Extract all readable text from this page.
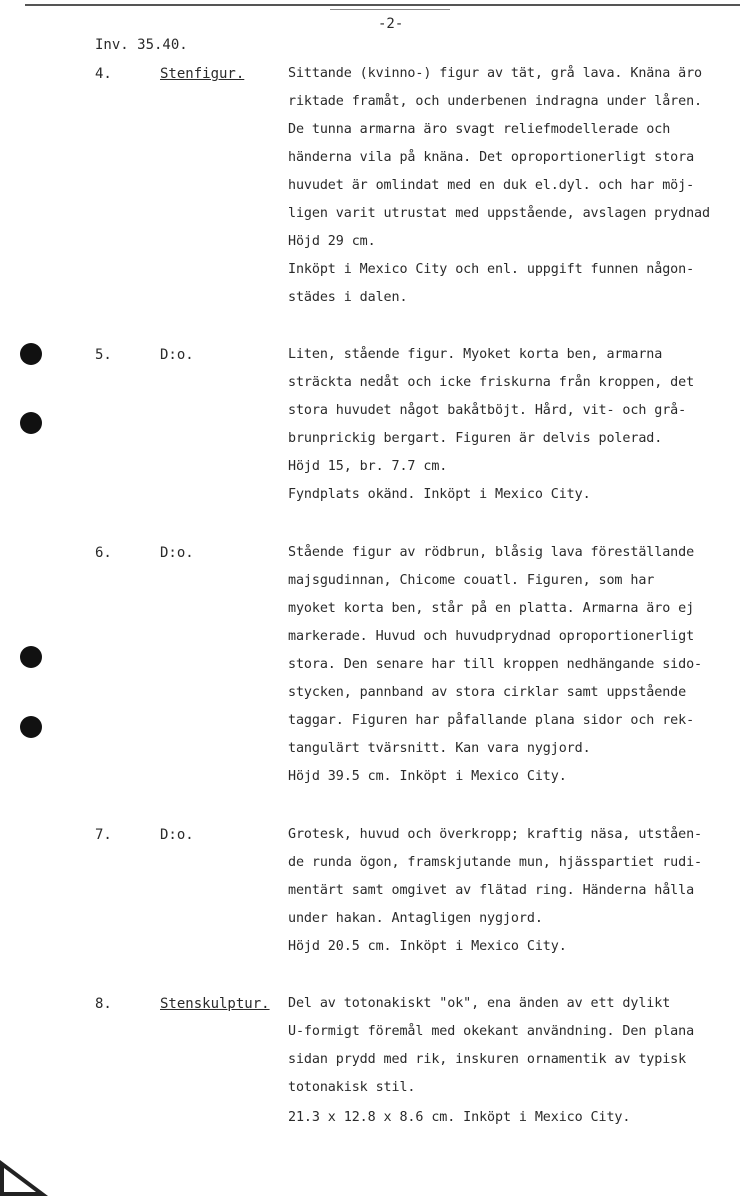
-2-
Inv. 35.40.
4.	Stenfigur.	Sittande (kvinno-) figur av tät, grå lava. Knäna äro
riktade framåt, och underbenen indragna under låren.
De tunna armarna äro svagt reliefmodellerade och
händerna vila på knäna. Det oproportionerligt stora
huvudet är omlindat med en duk el.dyl. och har möj-
ligen varit utrustat med uppstående, avslagen prydnad
Höjd 29 cm.
Inköpt i Mexico City och enl. uppgift funnen någon-
städes i dalen.
5.	D:o.	Liten, stående figur. Myoket korta ben, armarna
sträckta nedåt och icke friskurna från kroppen, det
stora huvudet något bakåtböjt. Hård, vit- och grå-
brunprickig bergart. Figuren är delvis polerad.
Höjd 15, br. 7.7 cm.
Fyndplats okänd. Inköpt i Mexico City.
6.	D:o.	Stående figur av rödbrun, blåsig lava föreställande
majsgudinnan, Chicome couatl. Figuren, som har
myoket korta ben, står på en platta. Armarna äro ej
markerade. Huvud och huvudprydnad oproportionerligt
stora. Den senare har till kroppen nedhängande sido-
stycken, pannband av stora cirklar samt uppstående
taggar. Figuren har påfallande plana sidor och rek-
tangulärt tvärsnitt. Kan vara nygjord.
Höjd 39.5 cm. Inköpt i Mexico City.
7.	D:o.	Grotesk, huvud och överkropp; kraftig näsa, utståen-
de runda ögon, framskjutande mun, hjässpartiet rudi-
mentärt samt omgivet av flätad ring. Händerna hålla
under hakan. Antagligen nygjord.
Höjd 20.5 cm. Inköpt i Mexico City.
8.	Stenskulptur. Del av totonakiskt "ok", ena änden av ett dylikt
U-formigt föremål med okekant användning. Den plana
sidan prydd med rik, inskuren ornamentik av typisk
totonakisk stil.
21.3 x 12.8 x 8.6 cm. Inköpt i Mexico City.
